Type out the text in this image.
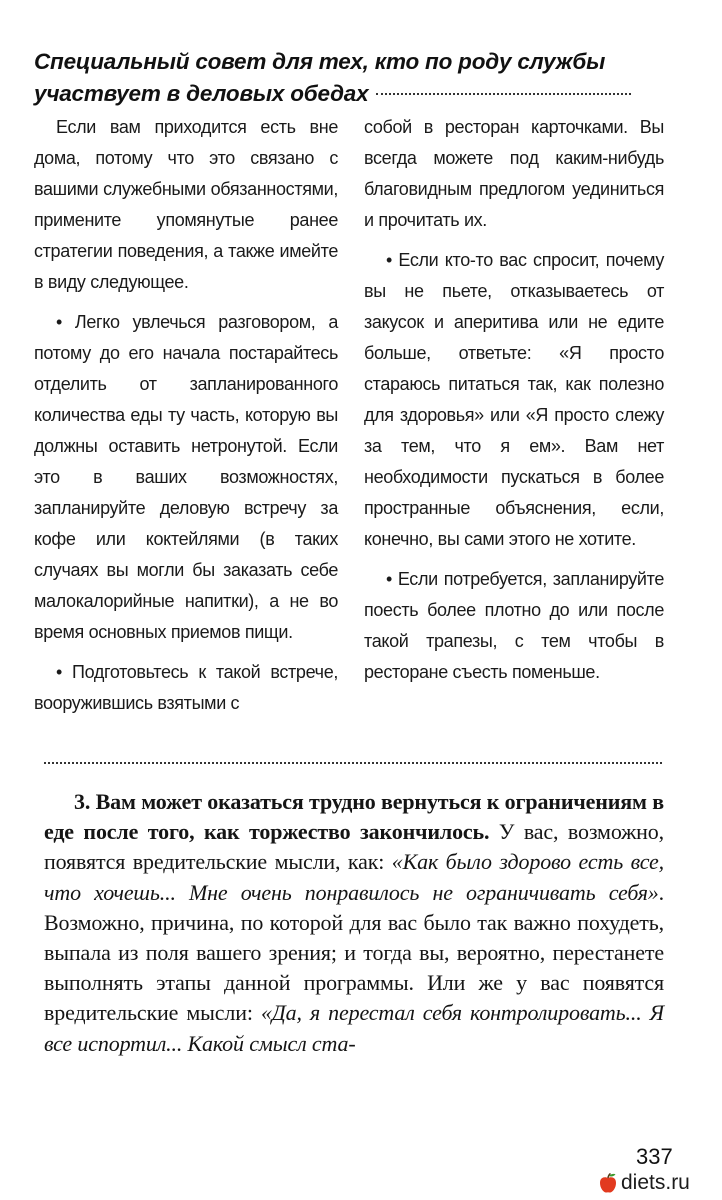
Специальный совет для тех, кто по роду службы
участвует в деловых обедах

Если вам приходится есть вне дома, потому что это связано с вашими служебными обязанностями, примените упомянутые ранее стратегии поведения, а также имейте в виду следующее.

• Легко увлечься разговором, а потому до его начала постарайтесь отделить от запланированного количества еды ту часть, которую вы должны оставить нетронутой. Если это в ваших возможностях, запланируйте деловую встречу за кофе или коктейлями (в таких случаях вы могли бы заказать себе малокалорийные напитки), а не во время основных приемов пищи.

• Подготовьтесь к такой встрече, вооружившись взятыми с

собой в ресторан карточками. Вы всегда можете под каким-нибудь благовидным предлогом уединиться и прочитать их.

• Если кто-то вас спросит, почему вы не пьете, отказываетесь от закусок и аперитива или не едите больше, ответьте: «Я просто стараюсь питаться так, как полезно для здоровья» или «Я просто слежу за тем, что я ем». Вам нет необходимости пускаться в более пространные объяснения, если, конечно, вы сами этого не хотите.

• Если потребуется, запланируйте поесть более плотно до или после такой трапезы, с тем чтобы в ресторане съесть поменьше.

3. Вам может оказаться трудно вернуться к ограничениям в еде после того, как торжество закончилось. У вас, возможно, появятся вредительские мысли, как: «Как было здорово есть все, что хочешь... Мне очень понравилось не ограничивать себя». Возможно, причина, по которой для вас было так важно похудеть, выпала из поля вашего зрения; и тогда вы, вероятно, перестанете выполнять этапы данной программы. Или же у вас появятся вредительские мысли: «Да, я перестал себя контролировать... Я все испортил... Какой смысл ста-

337
diets.ru
